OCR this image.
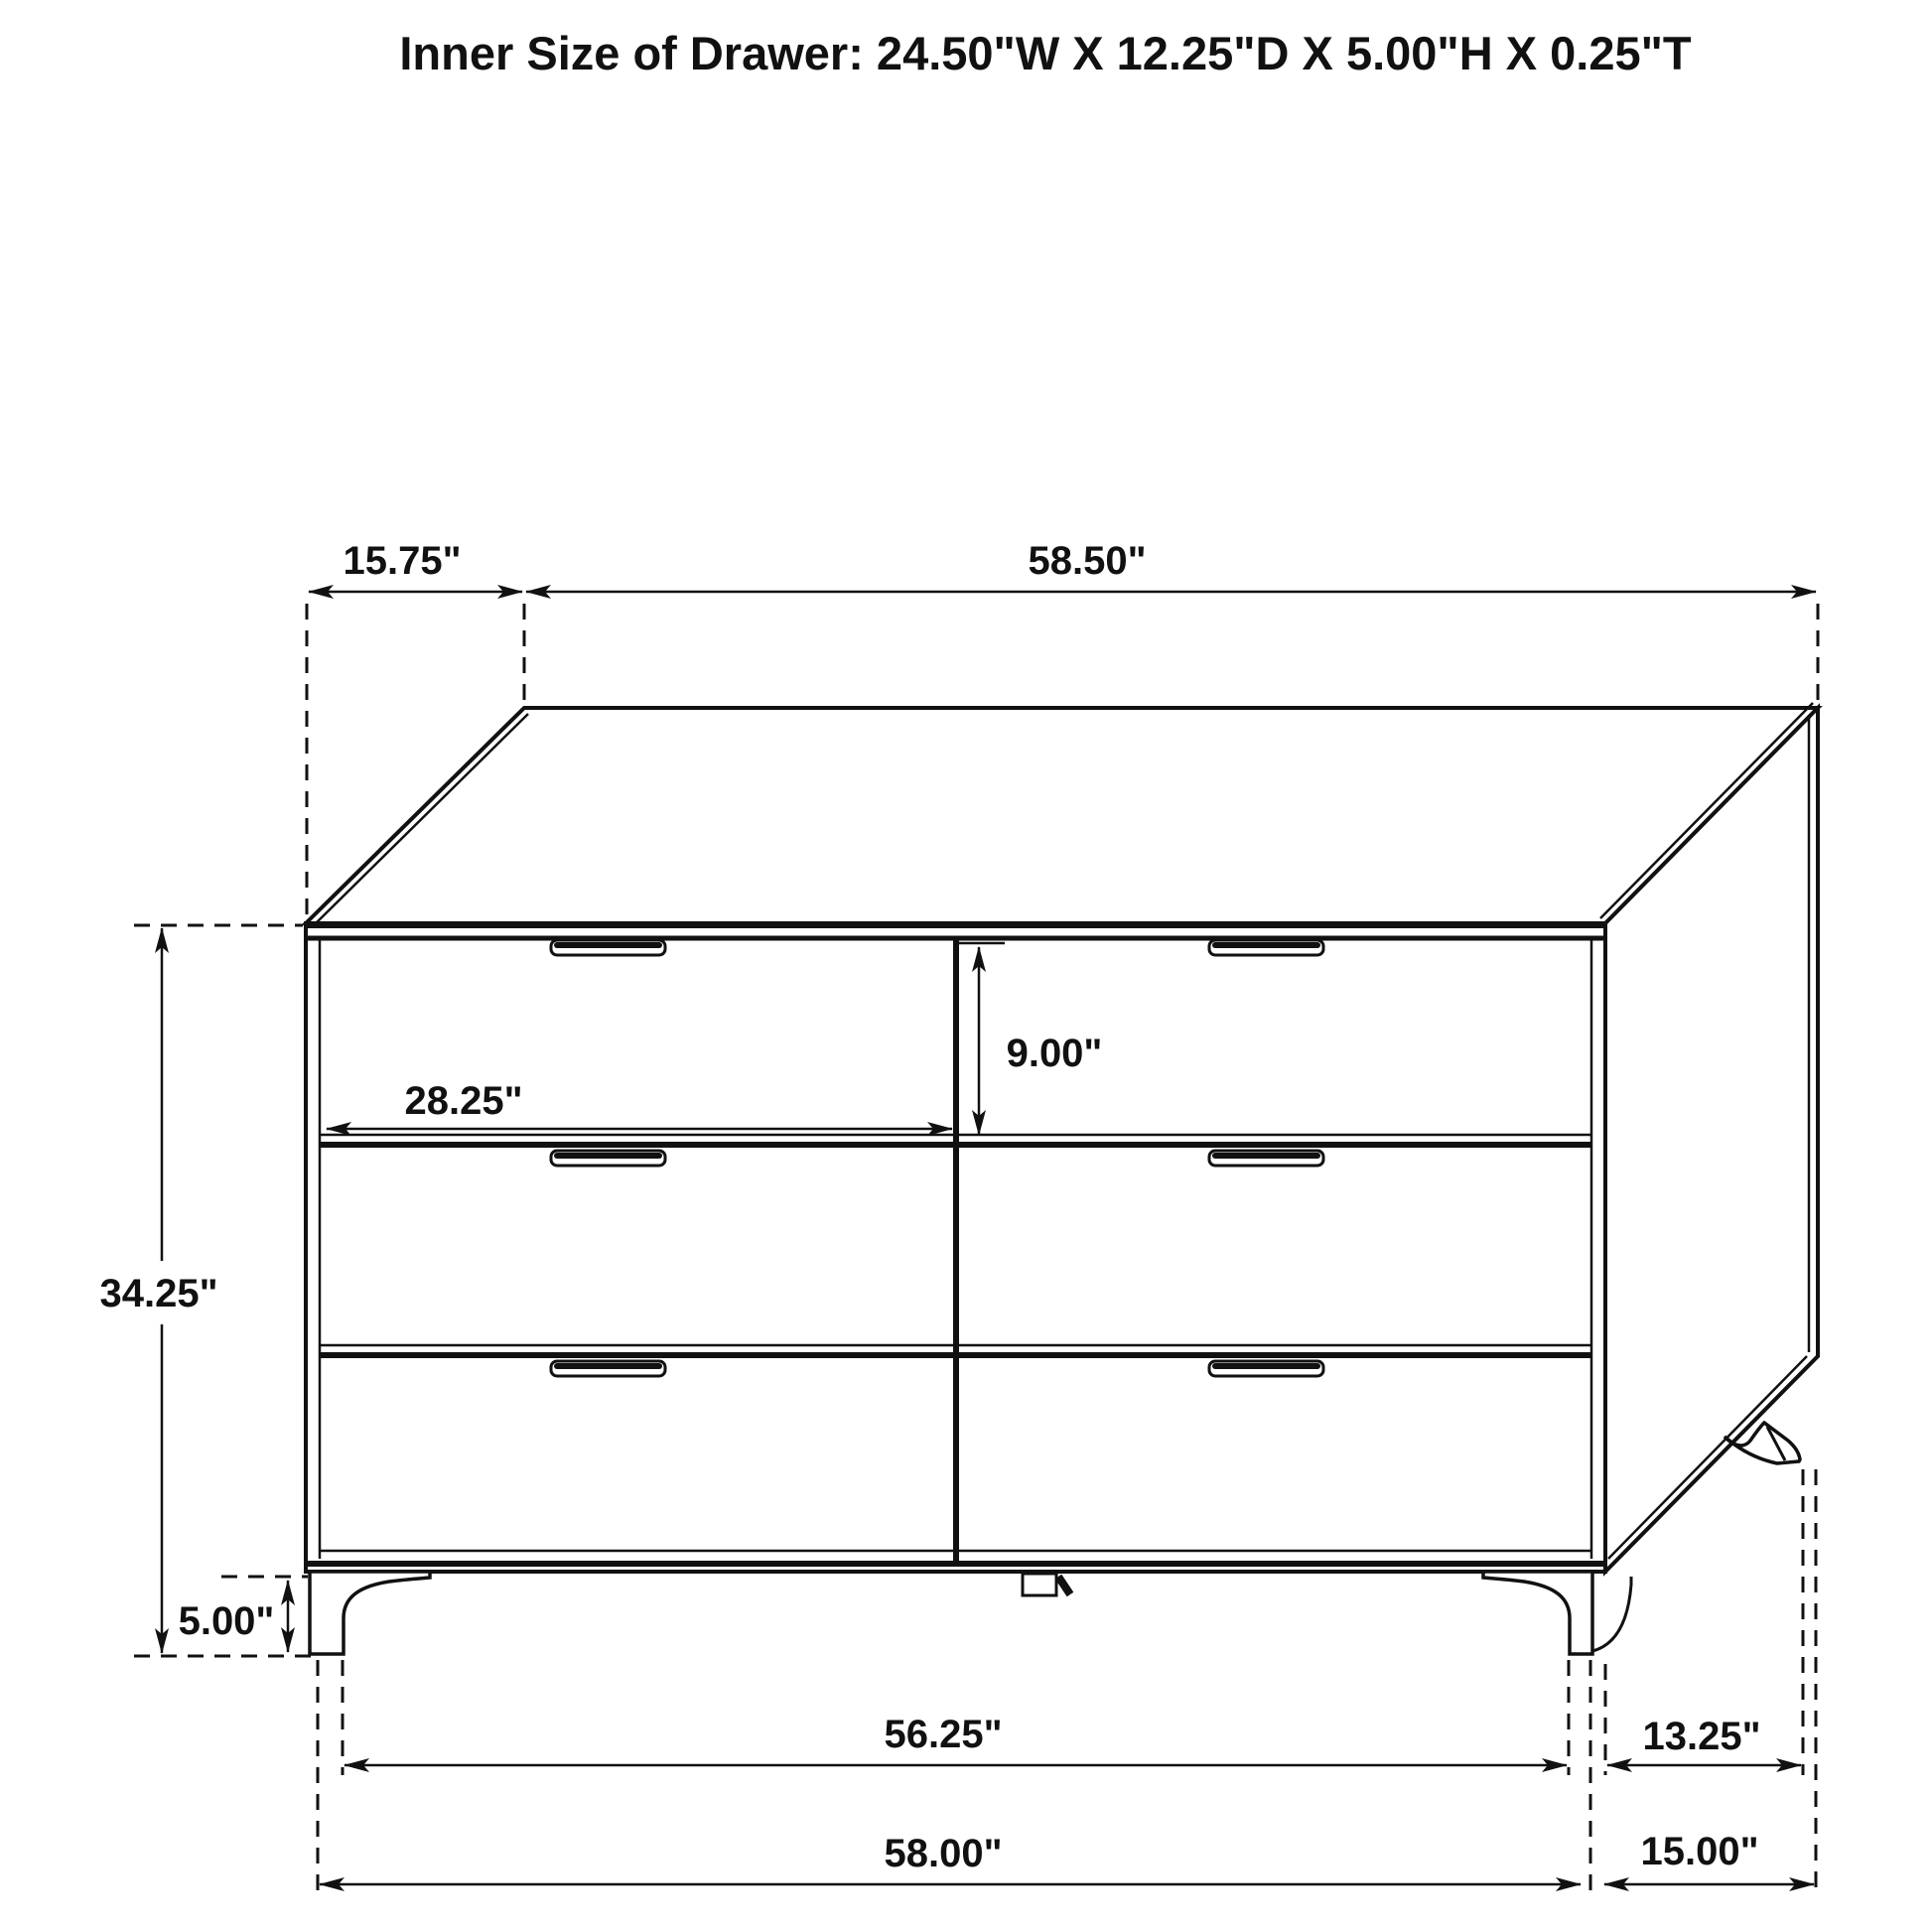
Inner Size of Drawer: 24.50"W X 12.25"D X 5.00"H X 0.25"T
15.75"	58.50"
34.25"
5.00"
28.25"
9.00"
56.25"	13.25"
58.00"	15.00"
